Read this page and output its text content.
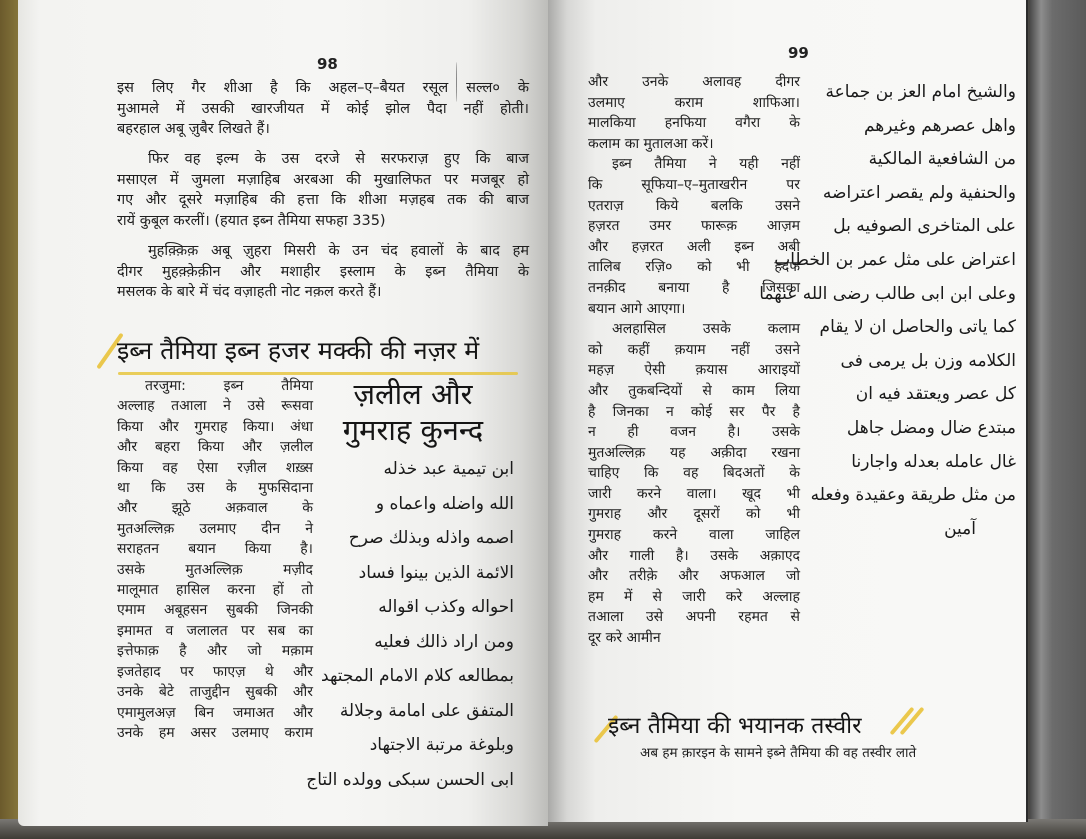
98
इस लिए गैर शीआ है कि अहल–ए–बैयत रसूल सल्ल० के
मुआमले में उसकी खारजीयत में कोई झोल पैदा नहीं होती।
बहरहाल अबू ज़ुबैर लिखते हैं।
फिर वह इल्म के उस दरजे से सरफराज़ हुए कि बाज
मसाएल में जुमला मज़ाहिब अरबआ की मुखालिफत पर मजबूर हो
गए और दूसरे मज़ाहिब की हत्ता कि शीआ मज़हब तक की बाज
रायें कुबूल करलीं। (हयात इब्न तैमिया सफहा 335)
मुहक़्क़िक़ अबू ज़ुहरा मिसरी के उन चंद हवालों के बाद हम
दीगर मुहक़्क़ेक़ीन और मशाहीर इस्लाम के इब्न तैमिया के
मसलक के बारे में चंद वज़ाहती नोट नक़ल करते हैं।
इब्न तैमिया इब्न हजर मक्की की नज़र में
ज़लील और
गुमराह कुनन्द
तरजुमा: इब्न तैमिया
अल्लाह तआला ने उसे रूसवा
किया और गुमराह किया। अंधा
और बहरा किया और ज़लील
किया वह ऐसा रज़ील शख़्स
था कि उस के मुफसिदाना
और झूठे अक़वाल के
मुतअल्लिक़ उलमाए दीन ने
सराहतन बयान किया है।
उसके मुतअल्लिक़ मज़ीद
मालूमात हासिल करना हों तो
एमाम अबूहसन सुबकी जिनकी
इमामत व जलालत पर सब का
इत्तेफाक़ है और जो मक़ाम
इजतेहाद पर फाएज़ थे और
उनके बेटे ताजुद्दीन सुबकी और
एमामुलअज़ बिन जमाअत और
उनके हम असर उलमाए कराम
ابن تيمية عبد خذله
الله واضله واعماه و
اصمه واذله وبذلك صرح
الائمة الذين بينوا فساد
احواله وكذب اقواله
ومن اراد ذالك فعليه
بمطالعه كلام الامام المجتهد
المتفق على امامة وجلالة
وبلوغة مرتبة الاجتهاد
ابی الحسن سبكى وولده التاج
99
और उनके अलावह दीगर
उलमाए कराम शाफिआ।
मालकिया हनफिया वगैरा के
कलाम का मुतालआ करें।
इब्न तैमिया ने यही नहीं
कि सूफिया–ए–मुताखरीन पर
एतराज़ किये बलकि उसने
हज़रत उमर फारूक़ आज़म
और हज़रत अली इब्न अबी
तालिब रज़ि० को भी हदफ
तनक़ीद बनाया है जिसका
बयान आगे आएगा।
अलहासिल उसके कलाम
को कहीं क़याम नहीं उसने
महज़ ऐसी क़यास आराइयों
और तुकबन्दियों से काम लिया
है जिनका न कोई सर पैर है
न ही वजन है। उसके
मुतअल्लिक़ यह अक़ीदा रखना
चाहिए कि वह बिदअतों के
जारी करने वाला। खूद भी
गुमराह और दूसरों को भी
गुमराह करने वाला जाहिल
और गाली है। उसके अक़ाएद
और तरीक़े और अफआल जो
हम में से जारी करे अल्लाह
तआला उसे अपनी रहमत से
दूर करे आमीन
والشيخ امام العز بن جماعة
واهل عصرهم وغيرهم
من الشافعية المالكية
والحنفية ولم يقصر اعتراضه
على المتاخرى الصوفيه بل
اعتراض على مثل عمر بن الخطاب
وعلى ابن ابى طالب رضى الله عنهما
كما ياتى والحاصل ان لا يقام
الكلامه وزن بل يرمى فى
كل عصر ويعتقد فيه ان
مبتدع ضال ومضل جاهل
غال عامله بعدله واجارنا
من مثل طريقة وعقيدة وفعله
آمين
इब्न तैमिया की भयानक तस्वीर
अब हम क़ारइन के सामने इब्ने तैमिया की वह तस्वीर लाते
